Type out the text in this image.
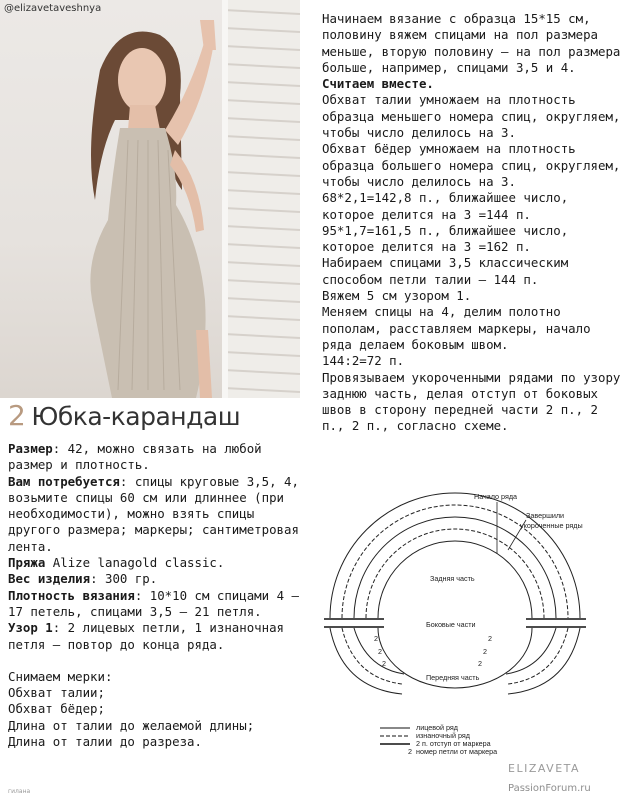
@elizavetaveshnya
2 Юбка-карандаш

Размер: 42, можно связать на любой размер и плотность.

Вам потребуется: спицы круговые 3,5, 4, возьмите спицы 60 см или длиннее (при необходимости), можно взять спицы другого размера; маркеры; сантиметровая лента.

Пряжа Alize lanagold classic.

Вес изделия: 300 гр.

Плотность вязания: 10*10 см спицами 4 – 17 петель, спицами 3,5 – 21 петля.

Узор 1: 2 лицевых петли, 1 изнаночная петля – повтор до конца ряда.

Снимаем мерки:

Обхват талии;

Обхват бёдер;

Длина от талии до желаемой длины;

Длина от талии до разреза.

Начинаем вязание с образца 15*15 см, половину вяжем спицами на пол размера меньше, вторую половину – на пол размера больше, например, спицами 3,5 и 4.

Считаем вместе.

Обхват талии умножаем на плотность образца меньшего номера спиц, округляем, чтобы число делилось на 3.

Обхват бёдер умножаем на плотность образца большего номера спиц, округляем, чтобы число делилось на 3.

68*2,1=142,8 п., ближайшее число, которое делится на 3 =144 п.

95*1,7=161,5 п., ближайшее число, которое делится на 3 =162 п.

Набираем спицами 3,5 классическим способом петли талии – 144 п.

Вяжем 5 см узором 1.

Меняем спицы на 4, делим полотно пополам, расставляем маркеры, начало ряда делаем боковым швом.

144:2=72 п.

Провязываем укороченными рядами по узору заднюю часть, делая отступ от боковых швов в сторону передней части 2 п., 2 п., 2 п., согласно схеме.

Начало ряда
Завершили
укороченные ряды
Задняя часть
Боковые части
Передняя часть
2
2
2
2
2
2
лицевой ряд
изнаночный ряд
2 п. отступ от маркера
2 номер петли от маркера
ELIZAVETA
PassionForum.ru
гилана
